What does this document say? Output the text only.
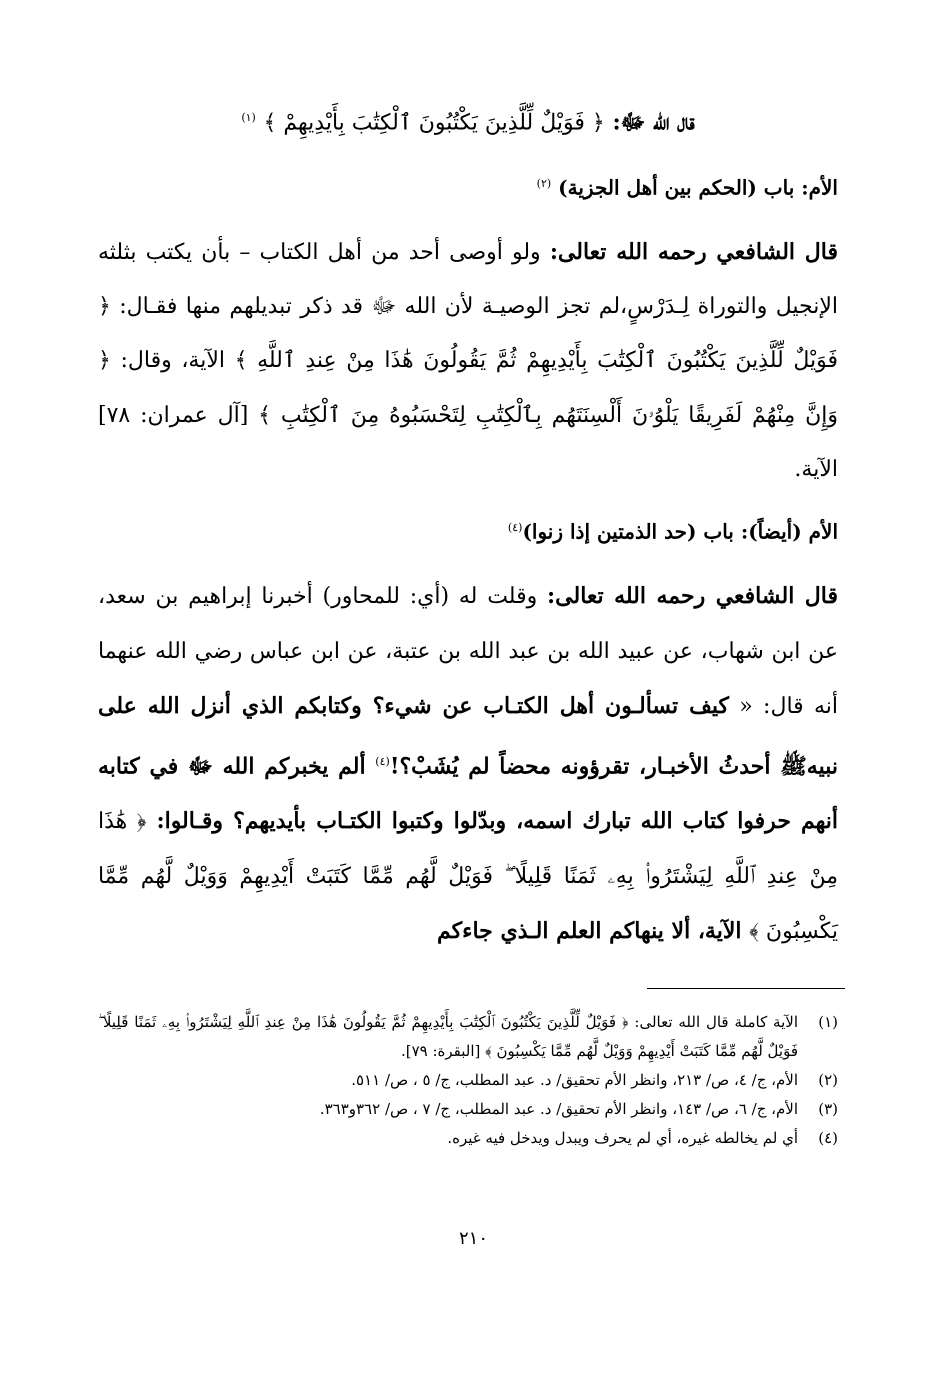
قال الله ﷻ: ﴿ فَوَيْلٌ لِّلَّذِينَ يَكْتُبُونَ ٱلْكِتَٰبَ بِأَيْدِيهِمْ ﴾ $^{(١)}$
الأم: باب (الحكم بين أهل الجزية) $^{(٢)}$

قال الشافعي رحمه الله تعالى: ولو أوصى أحد من أهل الكتاب – بأن يكتب بثلثه الإنجيل والتوراة لِـدَرْسٍ،لم تجز الوصيـة لأن الله ﷻ قد ذكر تبديلهم منها فقـال: ﴿ فَوَيْلٌ لِّلَّذِينَ يَكْتُبُونَ ٱلْكِتَٰبَ بِأَيْدِيهِمْ ثُمَّ يَقُولُونَ هَٰذَا مِنْ عِندِ ٱللَّهِ ﴾ الآية، وقال: ﴿ وَإِنَّ مِنْهُمْ لَفَرِيقًا يَلْوُۥنَ أَلْسِنَتَهُم بِٱلْكِتَٰبِ لِتَحْسَبُوهُ مِنَ ٱلْكِتَٰبِ ﴾ [آل عمران: ٧٨] الآية.

الأم (أيضاً): باب (حد الذمتين إذا زنوا)$^{(٤)}$

قال الشافعي رحمه الله تعالى: وقلت له (أي: للمحاور) أخبرنا إبراهيم بن سعد، عن ابن شهاب، عن عبيد الله بن عبد الله بن عتبة، عن ابن عباس رضي الله عنهما أنه قال: « كيف تسألـون أهل الكتـاب عن شيء؟ وكتابكم الذي أنزل الله على نبيهﷺ أحدثُ الأخبـار، تقرؤونه محضاً لم يُشَبْ؟!$^{(٤)}$ ألم يخبركم الله ﷻ في كتابه أنهم حرفوا كتاب الله تبارك اسمه، وبدّلوا وكتبوا الكتـاب بأيديهم؟ وقـالوا: ﴿ هَٰذَا مِنْ عِندِ ٱللَّهِ لِيَشْتَرُوا۟ بِهِۦ ثَمَنًا قَلِيلًا ۖ فَوَيْلٌ لَّهُم مِّمَّا كَتَبَتْ أَيْدِيهِمْ وَوَيْلٌ لَّهُم مِّمَّا يَكْسِبُونَ ﴾ الآية، ألا ينهاكم العلم الـذي جاءكم

(١)
الآية كاملة قال الله تعالى: ﴿ فَوَيْلٌ لِّلَّذِينَ يَكْتُبُونَ ٱلْكِتَٰبَ بِأَيْدِيهِمْ ثُمَّ يَقُولُونَ هَٰذَا مِنْ عِندِ ٱللَّهِ لِيَشْتَرُوا۟ بِهِۦ ثَمَنًا قَلِيلًا ۖ فَوَيْلٌ لَّهُم مِّمَّا كَتَبَتْ أَيْدِيهِمْ وَوَيْلٌ لَّهُم مِّمَّا يَكْسِبُونَ ﴾ [البقرة: ٧٩].
(٢)
الأم، ج/ ٤، ص/ ٢١٣، وانظر الأم تحقيق/ د. عبد المطلب، ج/ ٥ ، ص/ ٥١١.
(٣)
الأم، ج/ ٦، ص/ ١٤٣، وانظر الأم تحقيق/ د. عبد المطلب، ج/ ٧ ، ص/ ٣٦٢و٣٦٣.
(٤)
أي لم يخالطه غيره، أي لم يحرف ويبدل ويدخل فيه غيره.
٢١٠
